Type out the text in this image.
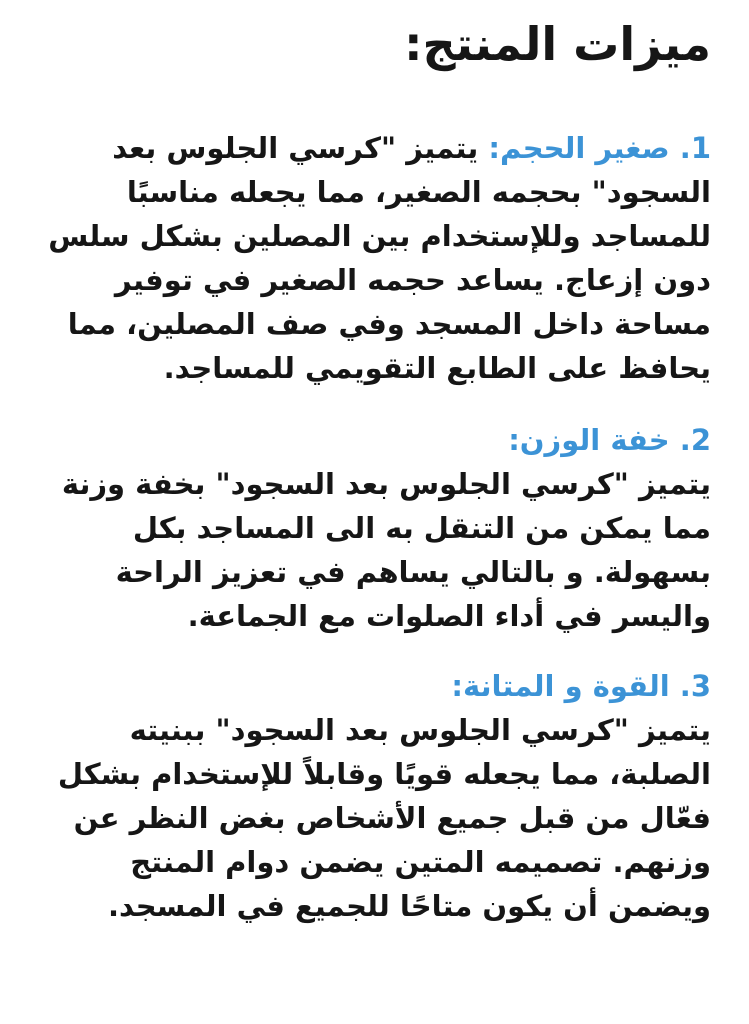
ميزات المنتج:

1. صغير الحجم: يتميز "كرسي الجلوس بعد السجود" بحجمه الصغير، مما يجعله مناسبًا للمساجد وللإستخدام بين المصلين بشكل سلس دون إزعاج. يساعد حجمه الصغير في توفير مساحة داخل المسجد وفي صف المصلين، مما يحافظ على الطابع التقويمي للمساجد.

2. خفة الوزن:
يتميز "كرسي الجلوس بعد السجود" بخفة وزنة مما يمكن من التنقل به الى المساجد بكل بسهولة. و بالتالي يساهم في تعزيز الراحة واليسر في أداء الصلوات مع الجماعة.
3. القوة و المتانة:
يتميز "كرسي الجلوس بعد السجود" ببنيته الصلبة، مما يجعله قويًا وقابلاً للإستخدام بشكل فعّال من قبل جميع الأشخاص بغض النظر عن وزنهم. تصميمه المتين يضمن دوام المنتج ويضمن أن يكون متاحًا للجميع في المسجد.
